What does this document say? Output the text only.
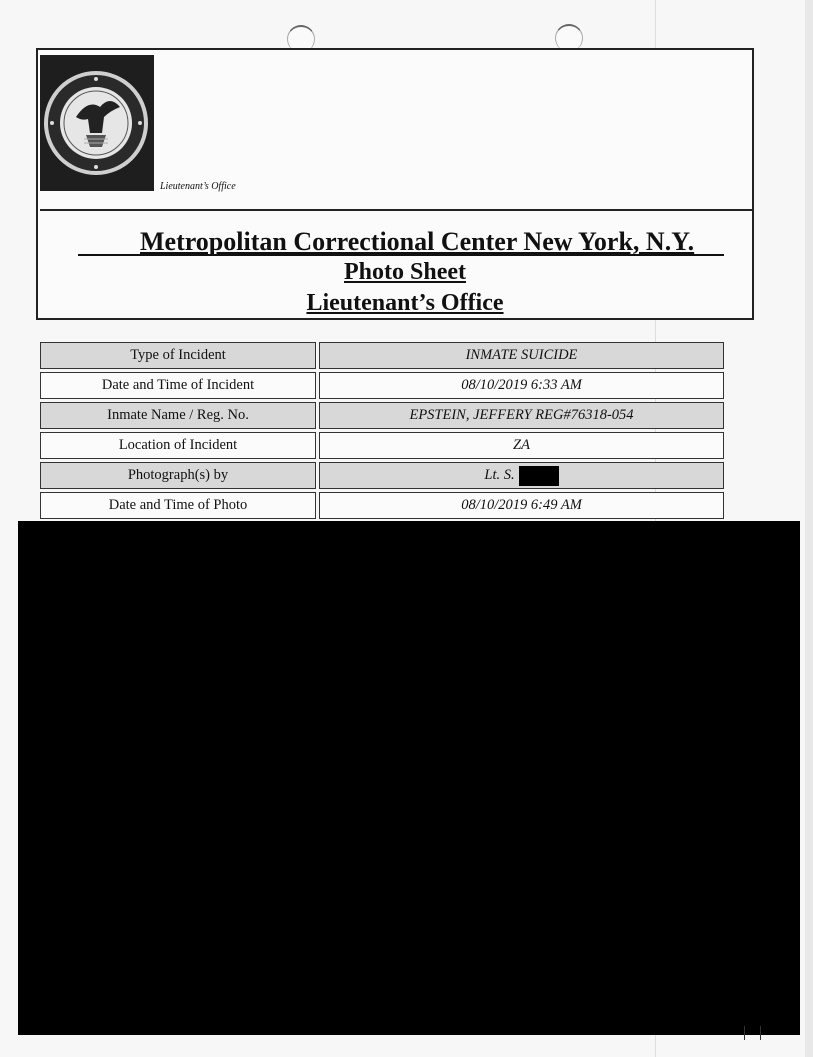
Lieutenant’s Office
Metropolitan Correctional Center New York, N.Y.
Photo Sheet
Lieutenant’s Office
Type of Incident	INMATE SUICIDE
Date and Time of Incident	08/10/2019 6:33 AM
Inmate Name / Reg. No.	EPSTEIN, JEFFERY REG#76318-054
Location of Incident	ZA
Photograph(s) by	Lt. S.
Date and Time of Photo	08/10/2019 6:49 AM
